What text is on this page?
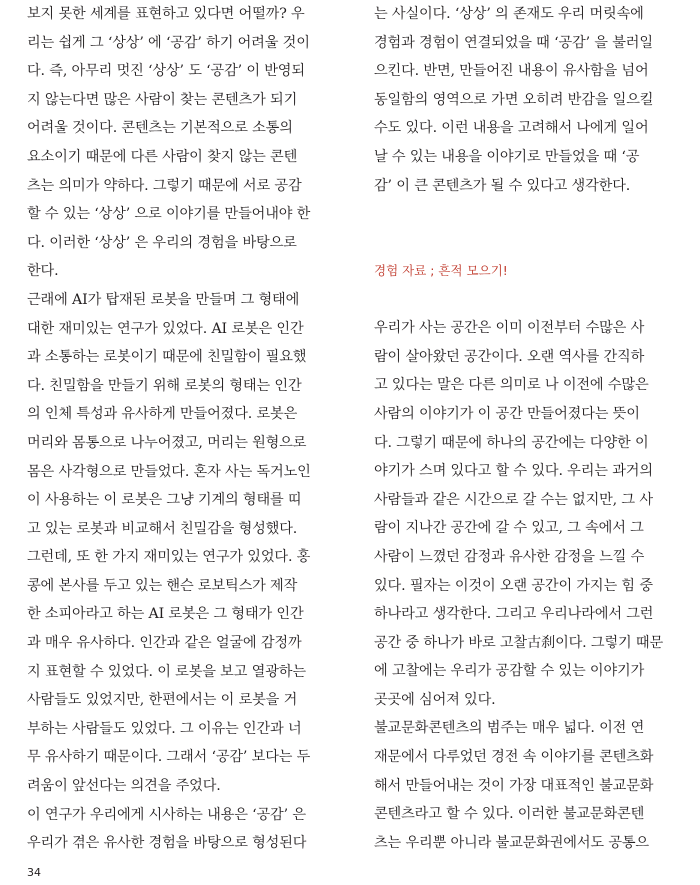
보지 못한 세계를 표현하고 있다면 어떨까? 우
리는 쉽게 그 ‘상상’ 에 ‘공감’ 하기 어려울 것이
다. 즉, 아무리 멋진 ‘상상’ 도 ‘공감’ 이 반영되
지 않는다면 많은 사람이 찾는 콘텐츠가 되기
어려울 것이다. 콘텐츠는 기본적으로 소통의
요소이기 때문에 다른 사람이 찾지 않는 콘텐
츠는 의미가 약하다. 그렇기 때문에 서로 공감
할 수 있는 ‘상상’ 으로 이야기를 만들어내야 한
다. 이러한 ‘상상’ 은 우리의 경험을 바탕으로
한다.
근래에 AI가 탑재된 로봇을 만들며 그 형태에
대한 재미있는 연구가 있었다. AI 로봇은 인간
과 소통하는 로봇이기 때문에 친밀함이 필요했
다. 친밀함을 만들기 위해 로봇의 형태는 인간
의 인체 특성과 유사하게 만들어졌다. 로봇은
머리와 몸통으로 나누어졌고, 머리는 원형으로
몸은 사각형으로 만들었다. 혼자 사는 독거노인
이 사용하는 이 로봇은 그냥 기계의 형태를 띠
고 있는 로봇과 비교해서 친밀감을 형성했다.
그런데, 또 한 가지 재미있는 연구가 있었다. 홍
콩에 본사를 두고 있는 핸슨 로보틱스가 제작
한 소피아라고 하는 AI 로봇은 그 형태가 인간
과 매우 유사하다. 인간과 같은 얼굴에 감정까
지 표현할 수 있었다. 이 로봇을 보고 열광하는
사람들도 있었지만, 한편에서는 이 로봇을 거
부하는 사람들도 있었다. 그 이유는 인간과 너
무 유사하기 때문이다. 그래서 ‘공감’ 보다는 두
려움이 앞선다는 의견을 주었다.
이 연구가 우리에게 시사하는 내용은 ‘공감’ 은
우리가 겪은 유사한 경험을 바탕으로 형성된다
는 사실이다. ‘상상’ 의 존재도 우리 머릿속에
경험과 경험이 연결되었을 때 ‘공감’ 을 불러일
으킨다. 반면, 만들어진 내용이 유사함을 넘어
동일함의 영역으로 가면 오히려 반감을 일으킬
수도 있다. 이런 내용을 고려해서 나에게 일어
날 수 있는 내용을 이야기로 만들었을 때 ‘공
감’ 이 큰 콘텐츠가 될 수 있다고 생각한다.
경험 자료 ; 흔적 모으기!
우리가 사는 공간은 이미 이전부터 수많은 사
람이 살아왔던 공간이다. 오랜 역사를 간직하
고 있다는 말은 다른 의미로 나 이전에 수많은
사람의 이야기가 이 공간 만들어졌다는 뜻이
다. 그렇기 때문에 하나의 공간에는 다양한 이
야기가 스며 있다고 할 수 있다. 우리는 과거의
사람들과 같은 시간으로 갈 수는 없지만, 그 사
람이 지나간 공간에 갈 수 있고, 그 속에서 그
사람이 느꼈던 감정과 유사한 감정을 느낄 수
있다. 필자는 이것이 오랜 공간이 가지는 힘 중
하나라고 생각한다. 그리고 우리나라에서 그런
공간 중 하나가 바로 고찰古刹이다. 그렇기 때문
에 고찰에는 우리가 공감할 수 있는 이야기가
곳곳에 심어져 있다.
불교문화콘텐츠의 범주는 매우 넓다. 이전 연
재문에서 다루었던 경전 속 이야기를 콘텐츠화
해서 만들어내는 것이 가장 대표적인 불교문화
콘텐츠라고 할 수 있다. 이러한 불교문화콘텐
츠는 우리뿐 아니라 불교문화권에서도 공통으
34
